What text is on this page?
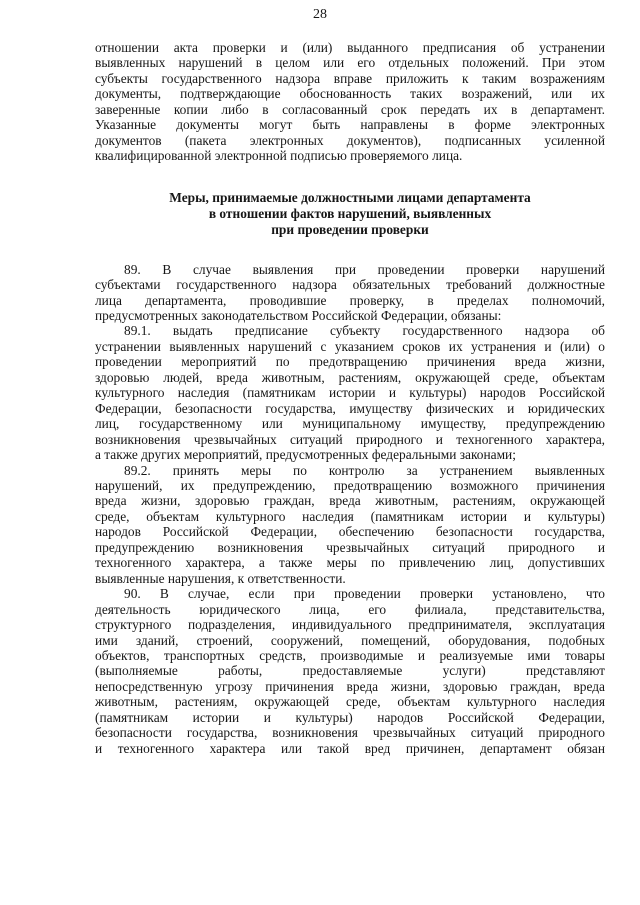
28

отношении акта проверки и (или) выданного предписания об устранении

выявленных нарушений в целом или его отдельных положений. При этом

субъекты государственного надзора вправе приложить к таким возражениям

документы, подтверждающие обоснованность таких возражений, или их

заверенные копии либо в согласованный срок передать их в департамент.

Указанные документы могут быть направлены в форме электронных

документов (пакета электронных документов), подписанных усиленной

квалифицированной электронной подписью проверяемого лица.

Меры, принимаемые должностными лицами департамента
в отношении фактов нарушений, выявленных
при проведении проверки

89. В случае выявления при проведении проверки нарушений

субъектами государственного надзора обязательных требований должностные

лица департамента, проводившие проверку, в пределах полномочий,

предусмотренных законодательством Российской Федерации, обязаны:

89.1. выдать предписание субъекту государственного надзора об

устранении выявленных нарушений с указанием сроков их устранения и (или) о

проведении мероприятий по предотвращению причинения вреда жизни,

здоровью людей, вреда животным, растениям, окружающей среде, объектам

культурного наследия (памятникам истории и культуры) народов Российской

Федерации, безопасности государства, имуществу физических и юридических

лиц, государственному или муниципальному имуществу, предупреждению

возникновения чрезвычайных ситуаций природного и техногенного характера,

а также других мероприятий, предусмотренных федеральными законами;

89.2. принять меры по контролю за устранением выявленных

нарушений, их предупреждению, предотвращению возможного причинения

вреда жизни, здоровью граждан, вреда животным, растениям, окружающей

среде, объектам культурного наследия (памятникам истории и культуры)

народов Российской Федерации, обеспечению безопасности государства,

предупреждению возникновения чрезвычайных ситуаций природного и

техногенного характера, а также меры по привлечению лиц, допустивших

выявленные нарушения, к ответственности.

90. В случае, если при проведении проверки установлено, что

деятельность юридического лица, его филиала, представительства,

структурного подразделения, индивидуального предпринимателя, эксплуатация

ими зданий, строений, сооружений, помещений, оборудования, подобных

объектов, транспортных средств, производимые и реализуемые ими товары

(выполняемые работы, предоставляемые услуги) представляют

непосредственную угрозу причинения вреда жизни, здоровью граждан, вреда

животным, растениям, окружающей среде, объектам культурного наследия

(памятникам истории и культуры) народов Российской Федерации,

безопасности государства, возникновения чрезвычайных ситуаций природного

и техногенного характера или такой вред причинен, департамент обязан
